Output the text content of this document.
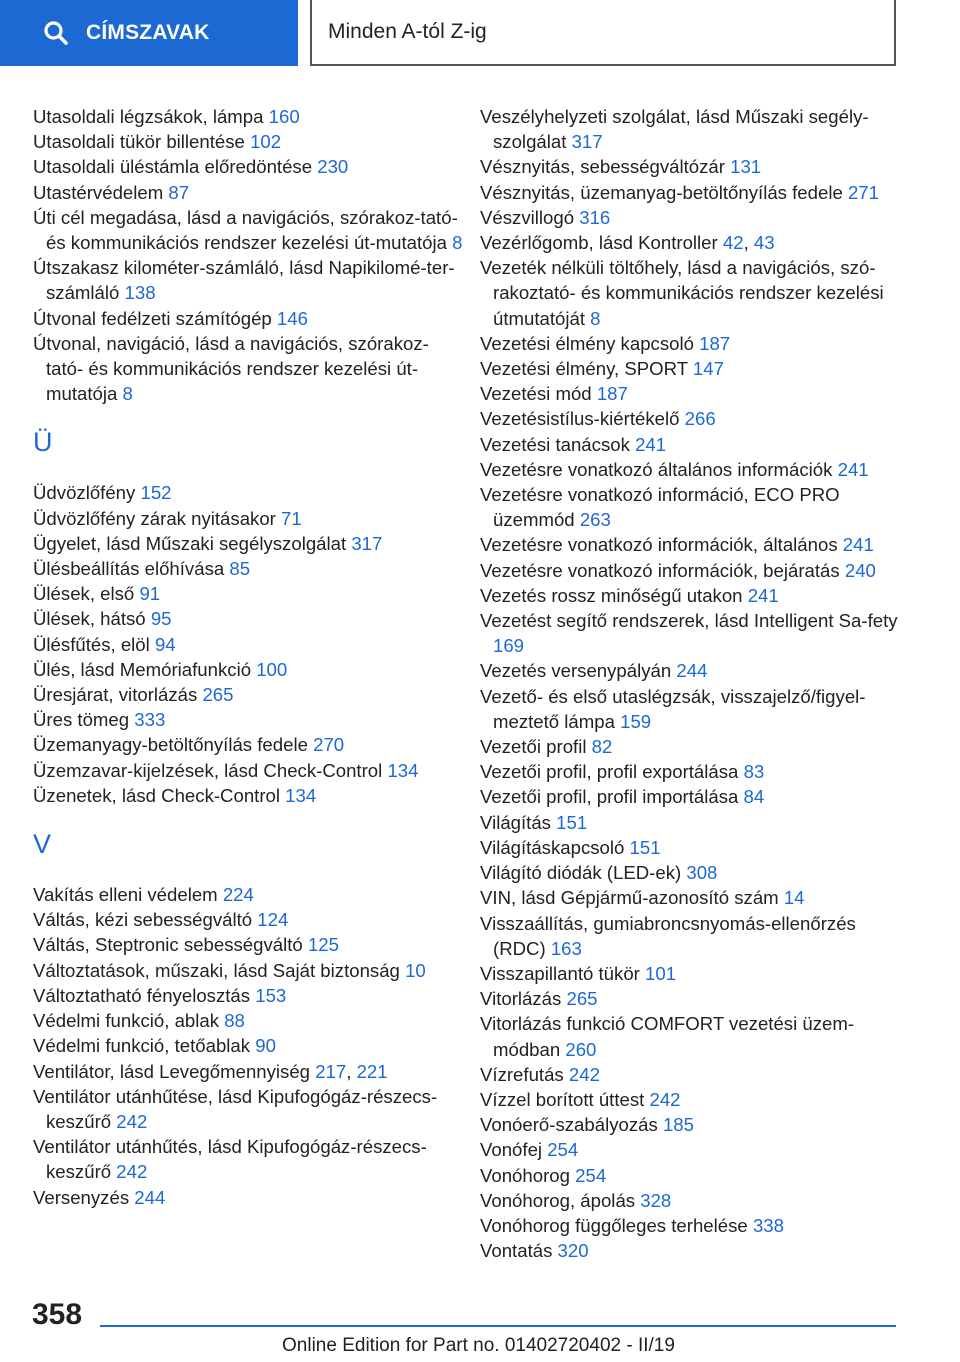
CÍMSZAVAK	Minden A-tól Z-ig
Utasoldali légzsákok, lámpa 160
Utasoldali tükör billentése 102
Utasoldali üléstámla előredöntése 230
Utastérvédelem 87
Úti cél megadása, lásd a navigációs, szórakoz-tató- és kommunikációs rendszer kezelési út-mutatója 8
Útszakasz kilométer-számláló, lásd Napikilomé-ter-számláló 138
Útvonal fedélzeti számítógép 146
Útvonal, navigáció, lásd a navigációs, szórakoz-tató- és kommunikációs rendszer kezelési út-mutatója 8
Ü
Üdvözlőfény 152
Üdvözlőfény zárak nyitásakor 71
Ügyelet, lásd Műszaki segélyszolgálat 317
Ülésbeállítás előhívása 85
Ülések, első 91
Ülések, hátsó 95
Ülésfűtés, elöl 94
Ülés, lásd Memóriafunkció 100
Üresjárat, vitorlázás 265
Üres tömeg 333
Üzemanyagy-betöltőnyílás fedele 270
Üzemzavar-kijelzések, lásd Check-Control 134
Üzenetek, lásd Check-Control 134
V
Vakítás elleni védelem 224
Váltás, kézi sebességváltó 124
Váltás, Steptronic sebességváltó 125
Változtatások, műszaki, lásd Saját biztonság 10
Változtatható fényelosztás 153
Védelmi funkció, ablak 88
Védelmi funkció, tetőablak 90
Ventilátor, lásd Levegőmennyiség 217, 221
Ventilátor utánhűtése, lásd Kipufogógáz-részecs-keszűrő 242
Ventilátor utánhűtés, lásd Kipufogógáz-részecs-keszűrő 242
Versenyzés 244
Veszélyhelyzeti szolgálat, lásd Műszaki segély-szolgálat 317
Vésznyitás, sebességváltózár 131
Vésznyitás, üzemanyag-betöltőnyílás fedele 271
Vészvillogó 316
Vezérlőgomb, lásd Kontroller 42, 43
Vezeték nélküli töltőhely, lásd a navigációs, szó-rakoztató- és kommunikációs rendszer kezelési útmutatóját 8
Vezetési élmény kapcsoló 187
Vezetési élmény, SPORT 147
Vezetési mód 187
Vezetésistílus-kiértékelő 266
Vezetési tanácsok 241
Vezetésre vonatkozó általános információk 241
Vezetésre vonatkozó információ, ECO PRO üzemmód 263
Vezetésre vonatkozó információk, általános 241
Vezetésre vonatkozó információk, bejáratás 240
Vezetés rossz minőségű utakon 241
Vezetést segítő rendszerek, lásd Intelligent Sa-fety 169
Vezetés versenypályán 244
Vezető- és első utaslégzsák, visszajelző/figyel-meztető lámpa 159
Vezetői profil 82
Vezetői profil, profil exportálása 83
Vezetői profil, profil importálása 84
Világítás 151
Világításkapcsoló 151
Világító diódák (LED-ek) 308
VIN, lásd Gépjármű-azonosító szám 14
Visszaállítás, gumiabroncsnyomás-ellenőrzés (RDC) 163
Visszapillantó tükör 101
Vitorlázás 265
Vitorlázás funkció COMFORT vezetési üzem-módban 260
Vízrefutás 242
Vízzel borított úttest 242
Vonóerő-szabályozás 185
Vonófej 254
Vonóhorog 254
Vonóhorog, ápolás 328
Vonóhorog függőleges terhelése 338
Vontatás 320
358
Online Edition for Part no. 01402720402 - II/19
